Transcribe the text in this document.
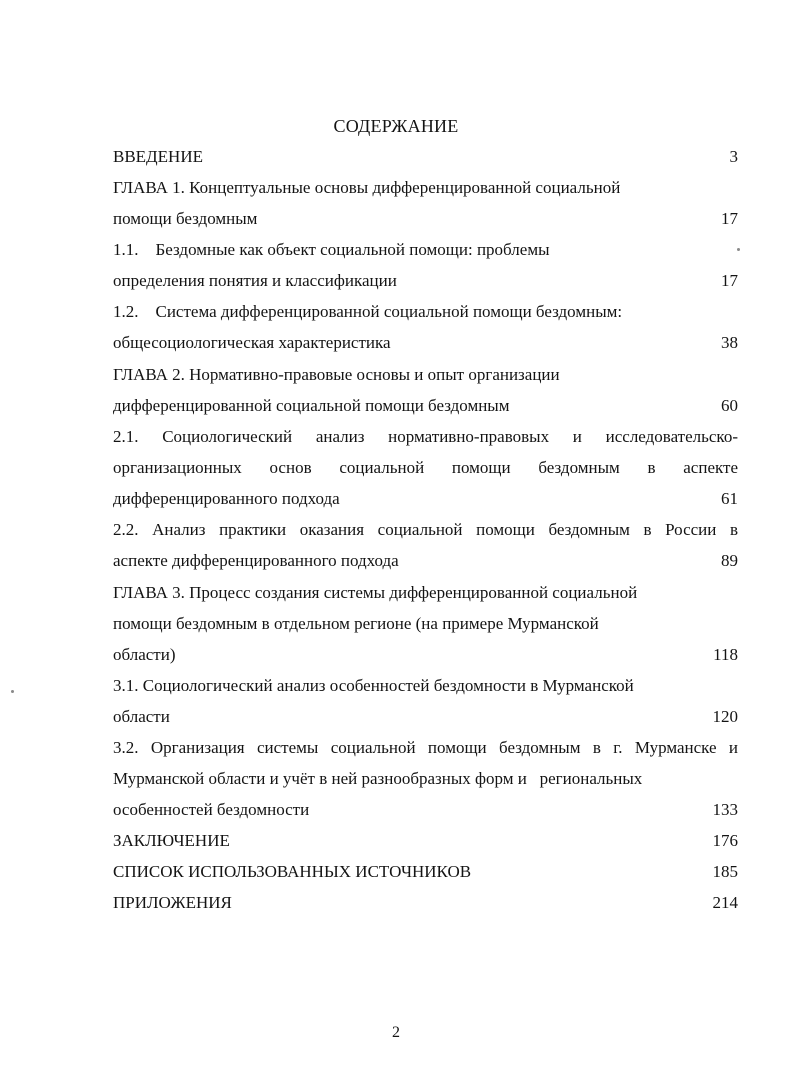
СОДЕРЖАНИЕ
ВВЕДЕНИЕ	3
ГЛАВА 1. Концептуальные основы дифференцированной социальной
помощи бездомным	17
1.1.    Бездомные как объект социальной помощи: проблемы
определения понятия и классификации	17
1.2.    Система дифференцированной социальной помощи бездомным:
общесоциологическая характеристика	38
ГЛАВА 2. Нормативно-правовые основы и опыт организации
дифференцированной социальной помощи бездомным	60
2.1. Социологический анализ нормативно-правовых и исследовательско-
организационных основ социальной помощи бездомным в аспекте
дифференцированного подхода	61
2.2. Анализ практики оказания социальной помощи бездомным в России в
аспекте дифференцированного подхода	89
ГЛАВА 3. Процесс создания системы дифференцированной социальной
помощи бездомным в отдельном регионе (на примере Мурманской
области)	118
3.1. Социологический анализ особенностей бездомности в Мурманской
области	120
3.2. Организация системы социальной помощи бездомным в г. Мурманске и
Мурманской области и учёт в ней разнообразных форм и   региональных
особенностей бездомности	133
ЗАКЛЮЧЕНИЕ	176
СПИСОК ИСПОЛЬЗОВАННЫХ ИСТОЧНИКОВ	185
ПРИЛОЖЕНИЯ	214
2
